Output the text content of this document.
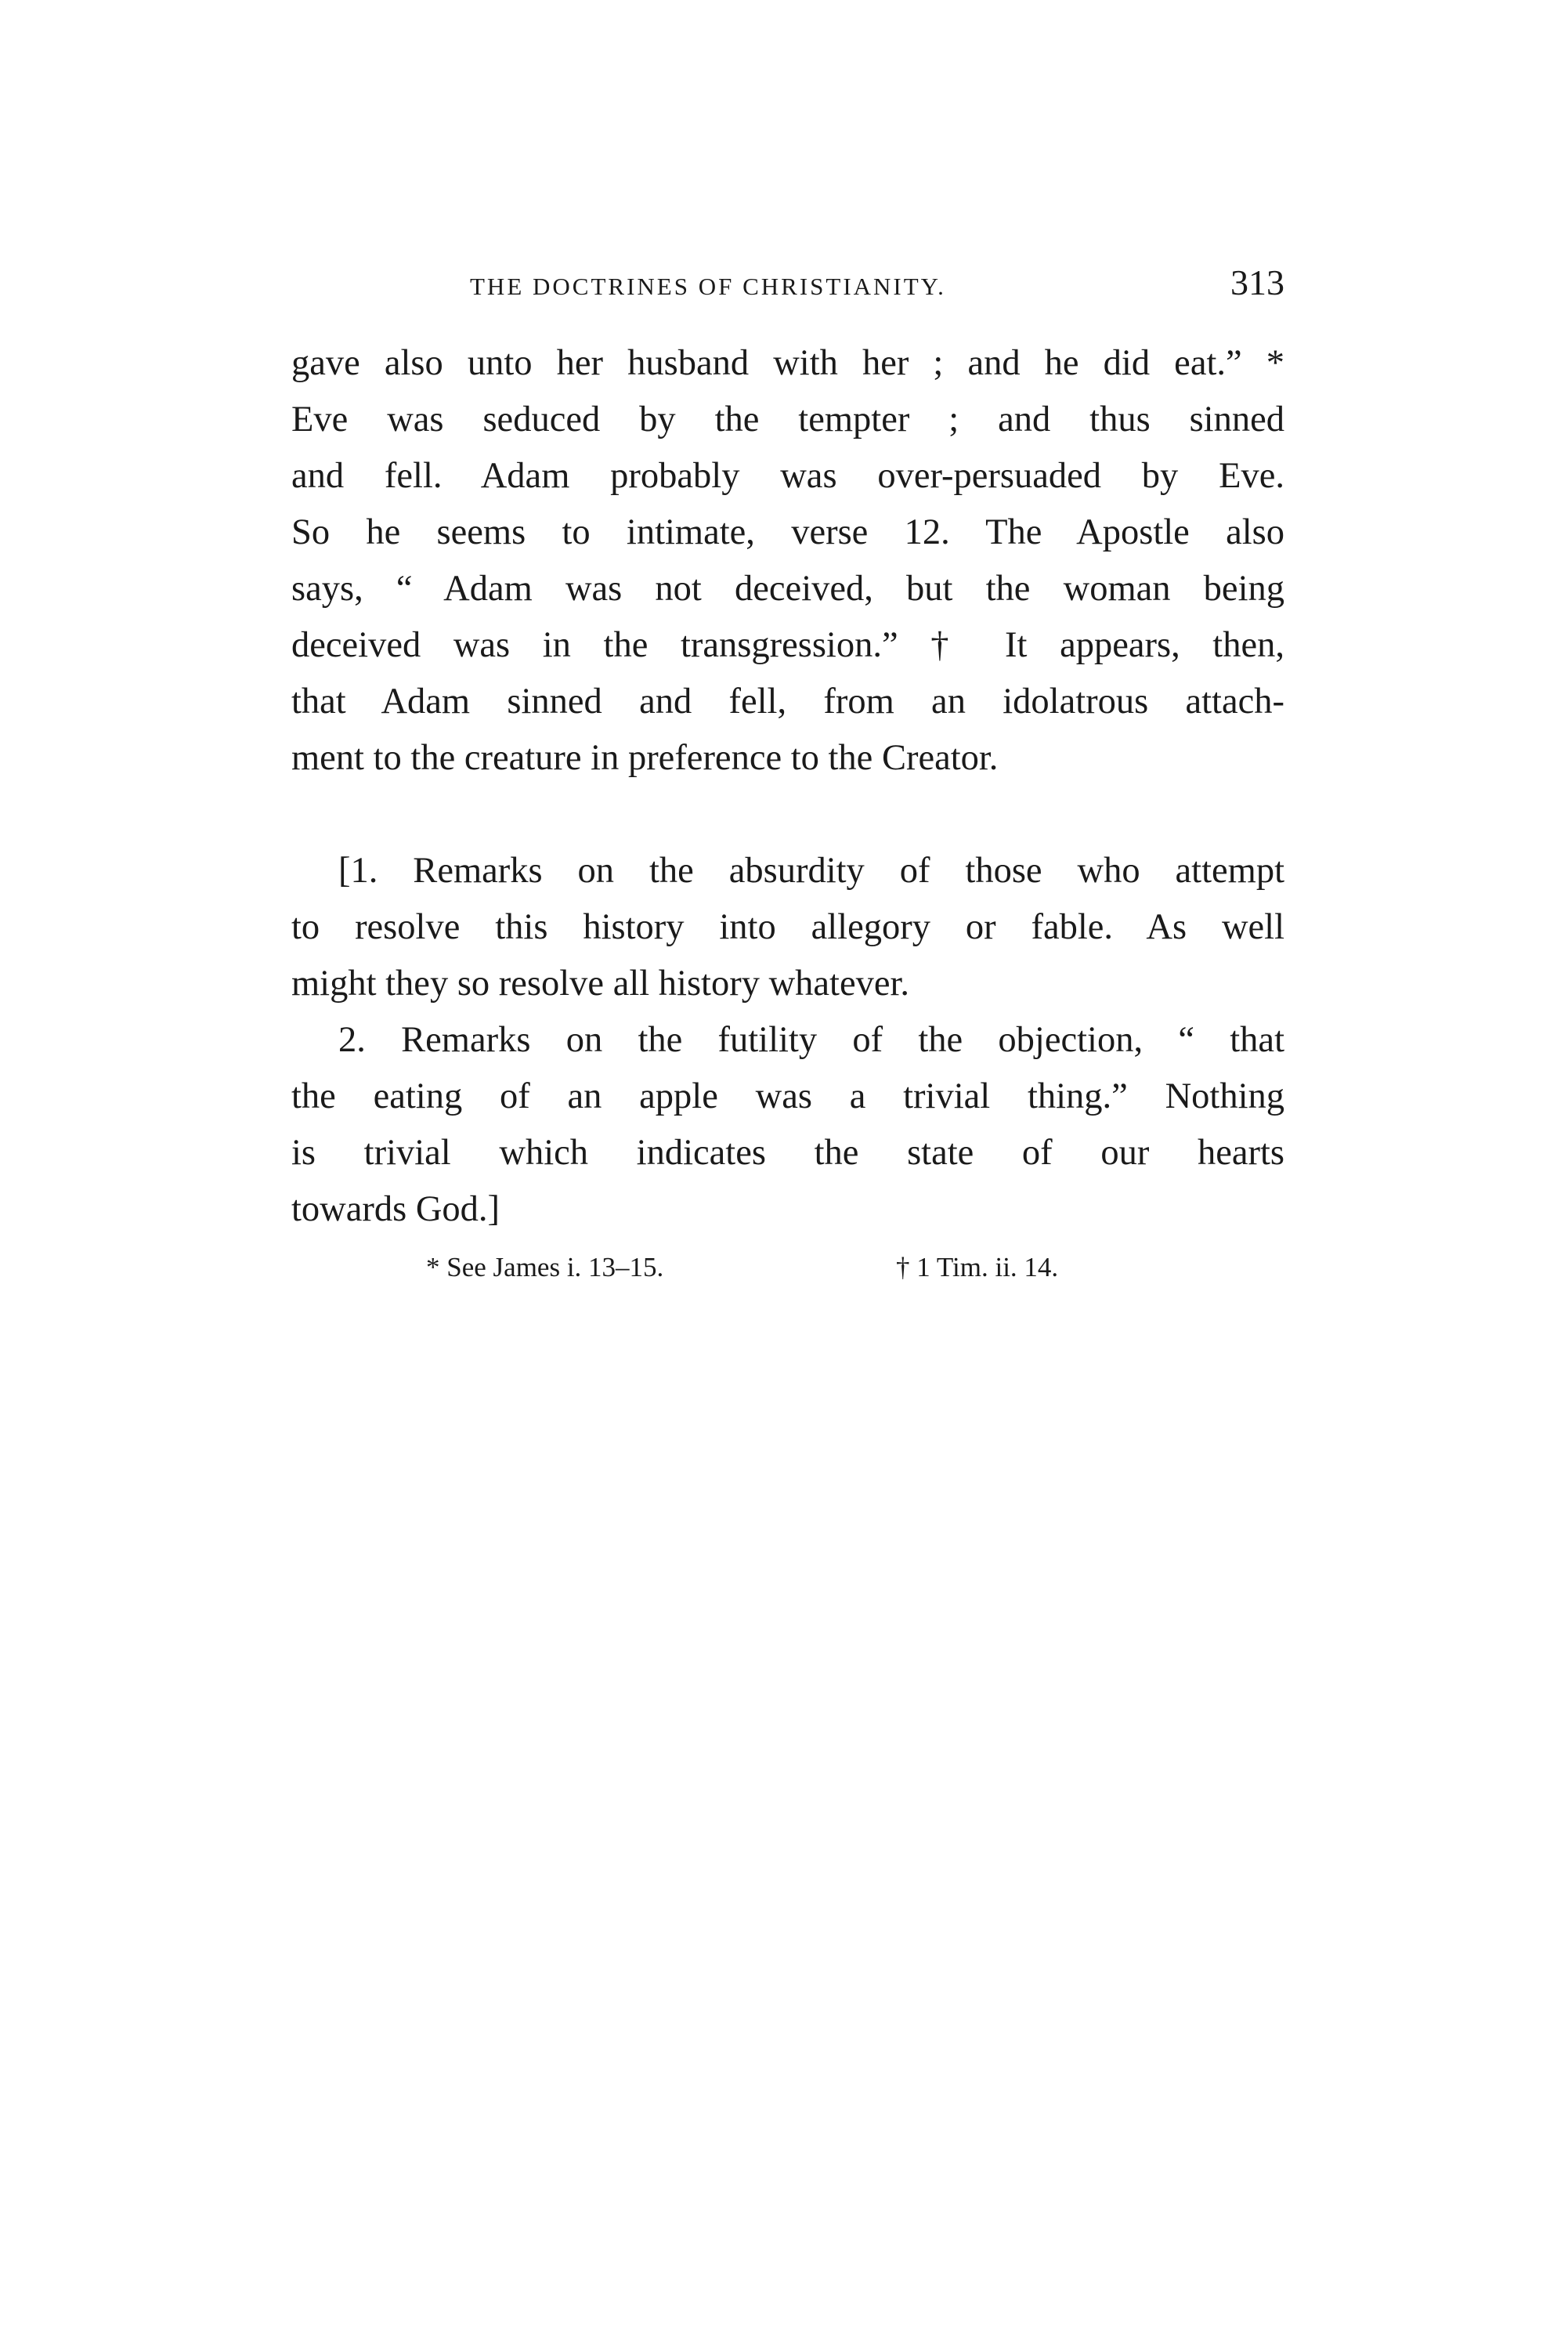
THE DOCTRINES OF CHRISTIANITY.	313

gave also unto her husband with her ; and he did eat.” *
Eve was seduced by the tempter ; and thus sinned
and fell. Adam probably was over-persuaded by Eve.
So he seems to intimate, verse 12. The Apostle also
says, “ Adam was not deceived, but the woman being
deceived was in the transgression.” † It appears, then,
that Adam sinned and fell, from an idolatrous attach-
ment to the creature in preference to the Creator.

[1. Remarks on the absurdity of those who attempt
to resolve this history into allegory or fable. As well
might they so resolve all history whatever.

2. Remarks on the futility of the objection, “ that
the eating of an apple was a trivial thing.” Nothing
is trivial which indicates the state of our hearts
towards God.]

* See James i. 13–15.	† 1 Tim. ii. 14.
